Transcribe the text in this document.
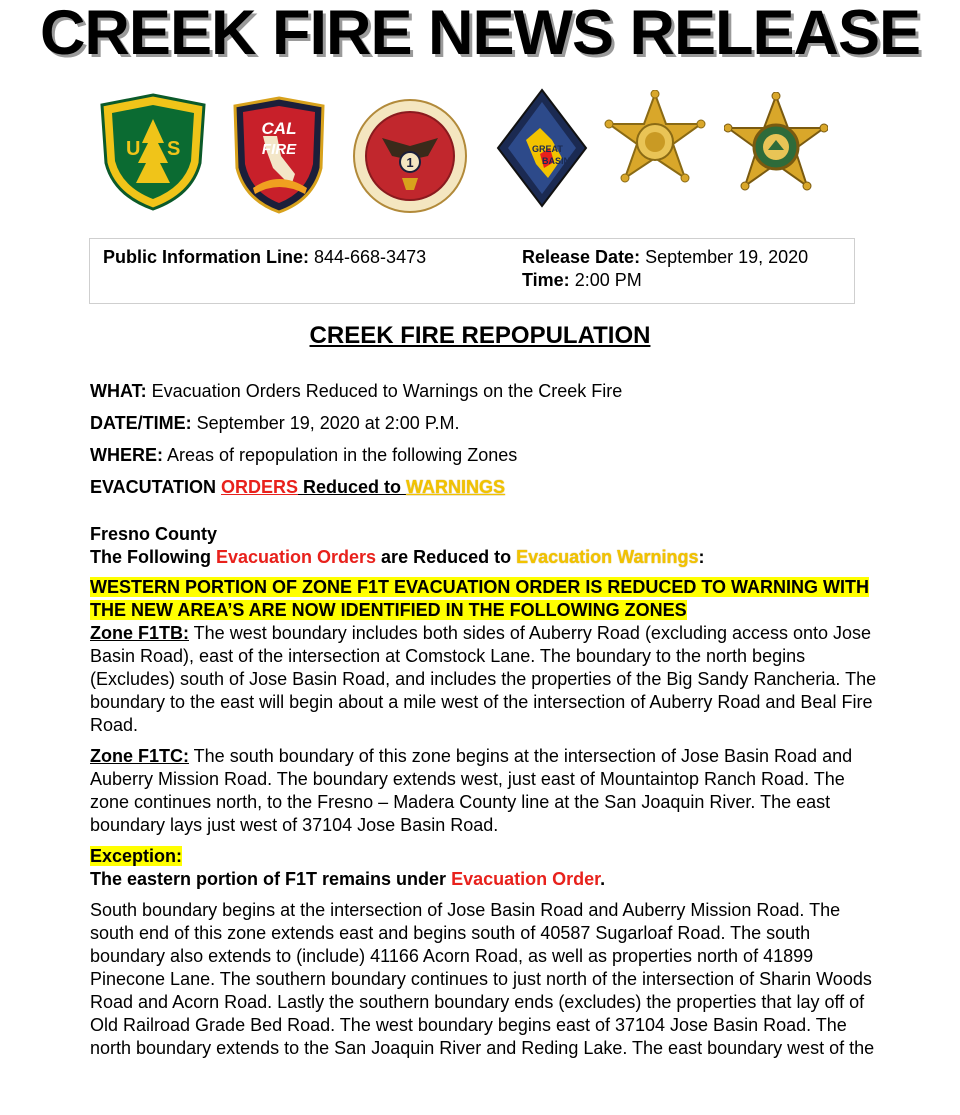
CREEK FIRE NEWS RELEASE
U S
CAL
FIRE
1
GREAT
BASIN
Public Information Line: 844-668-3473	Release Date: September 19, 2020
Time: 2:00 PM
CREEK FIRE REPOPULATION

WHAT: Evacuation Orders Reduced to Warnings on the Creek Fire

DATE/TIME: September 19, 2020 at 2:00 P.M.

WHERE: Areas of repopulation in the following Zones

EVACUTATION ORDERS Reduced to WARNINGS

Fresno County

The Following Evacuation Orders are Reduced to Evacuation Warnings:

WESTERN PORTION OF ZONE F1T EVACUATION ORDER IS REDUCED TO WARNING WITH THE NEW AREA’S ARE NOW IDENTIFIED IN THE FOLLOWING ZONES

Zone F1TB: The west boundary includes both sides of Auberry Road (excluding access onto Jose Basin Road), east of the intersection at Comstock Lane. The boundary to the north begins (Excludes) south of Jose Basin Road, and includes the properties of the Big Sandy Rancheria. The boundary to the east will begin about a mile west of the intersection of Auberry Road and Beal Fire Road.

Zone F1TC: The south boundary of this zone begins at the intersection of Jose Basin Road and Auberry Mission Road. The boundary extends west, just east of Mountaintop Ranch Road. The zone continues north, to the Fresno – Madera County line at the San Joaquin River. The east boundary lays just west of 37104 Jose Basin Road.

Exception:

The eastern portion of F1T remains under Evacuation Order.

South boundary begins at the intersection of Jose Basin Road and Auberry Mission Road. The south end of this zone extends east and begins south of 40587 Sugarloaf Road. The south boundary also extends to (include) 41166 Acorn Road, as well as properties north of 41899 Pinecone Lane. The southern boundary continues to just north of the intersection of Sharin Woods Road and Acorn Road. Lastly the southern boundary ends (excludes) the properties that lay off of Old Railroad Grade Bed Road. The west boundary begins east of 37104 Jose Basin Road. The north boundary extends to the San Joaquin River and Reding Lake. The east boundary west of the
